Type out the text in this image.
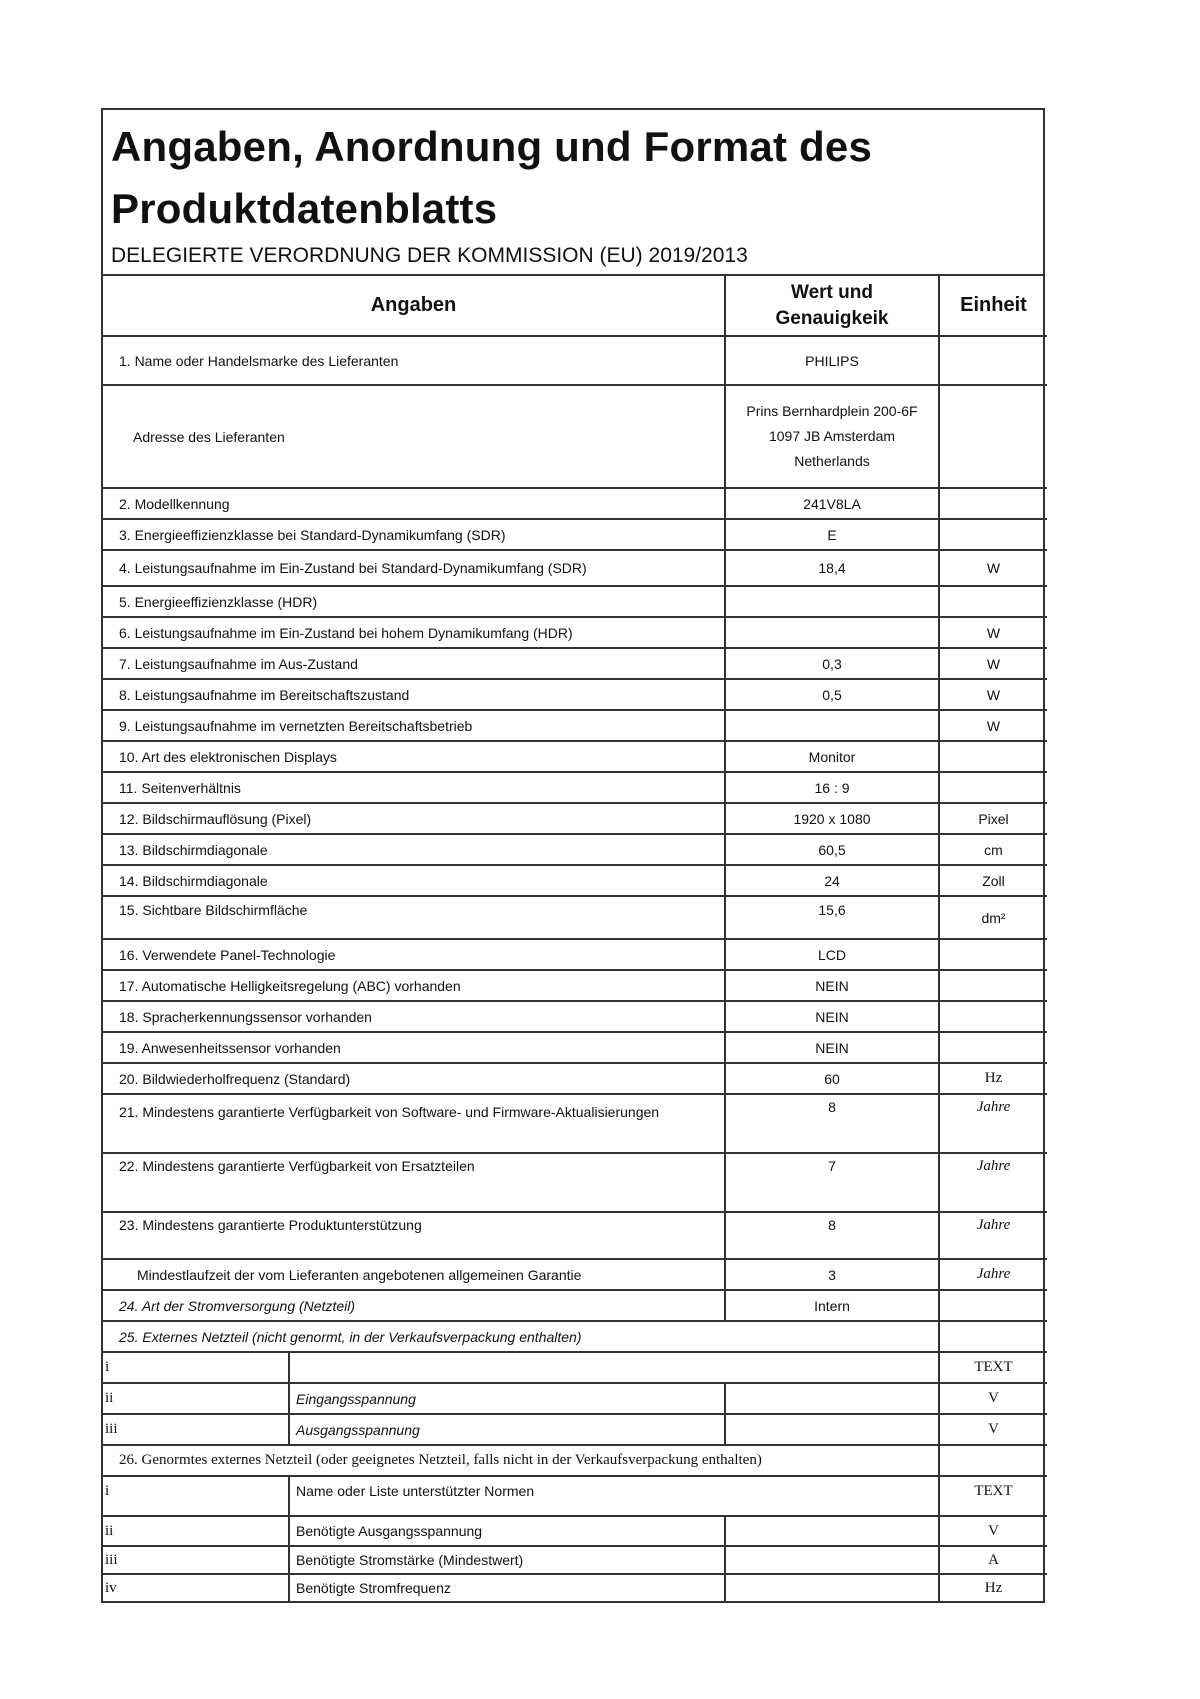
Angaben, Anordnung und Format des Produktdatenblatts
DELEGIERTE VERORDNUNG DER KOMMISSION (EU) 2019/2013
Angaben		Wert und Genauigkeik	Einheit
1. Name oder Handelsmarke des Lieferanten		PHILIPS	
Adresse des Lieferanten		Prins Bernhardplein 200-6F 1097 JB Amsterdam Netherlands	
2. Modellkennung		241V8LA	
3. Energieeffizienzklasse bei Standard-Dynamikumfang (SDR)		E	
4. Leistungsaufnahme im Ein-Zustand bei Standard-Dynamikumfang (SDR)		18,4	W
5. Energieeffizienzklasse (HDR)			
6. Leistungsaufnahme im Ein-Zustand bei hohem Dynamikumfang (HDR)			W
7. Leistungsaufnahme im Aus-Zustand		0,3	W
8. Leistungsaufnahme im Bereitschaftszustand		0,5	W
9. Leistungsaufnahme im vernetzten Bereitschaftsbetrieb			W
10. Art des elektronischen Displays		Monitor	
11. Seitenverhältnis		16 : 9	
12. Bildschirmauflösung (Pixel)		1920 x 1080	Pixel
13. Bildschirmdiagonale		60,5	cm
14. Bildschirmdiagonale		24	Zoll
15. Sichtbare Bildschirmfläche		15,6	dm²
16. Verwendete Panel-Technologie		LCD	
17. Automatische Helligkeitsregelung (ABC) vorhanden		NEIN	
18. Spracherkennungssensor vorhanden		NEIN	
19. Anwesenheitssensor vorhanden		NEIN	
20. Bildwiederholfrequenz (Standard)		60	Hz
21. Mindestens garantierte Verfügbarkeit von Software- und Firmware-Aktualisierungen		8	Jahre
22. Mindestens garantierte Verfügbarkeit von Ersatzteilen		7	Jahre
23. Mindestens garantierte Produktunterstützung		8	Jahre
Mindestlaufzeit der vom Lieferanten angebotenen allgemeinen Garantie		3	Jahre
24. Art der Stromversorgung (Netzteil)		Intern	
25. Externes Netzteil (nicht genormt, in der Verkaufsverpackung enthalten)			
i			TEXT
ii	Eingangsspannung		V
iii	Ausgangsspannung		V
26. Genormtes externes Netzteil (oder geeignetes Netzteil, falls nicht in der Verkaufsverpackung enthalten)			
i	Name oder Liste unterstützter Normen		TEXT
ii	Benötigte Ausgangsspannung		V
iii	Benötigte Stromstärke (Mindestwert)		A
iv	Benötigte Stromfrequenz		Hz
